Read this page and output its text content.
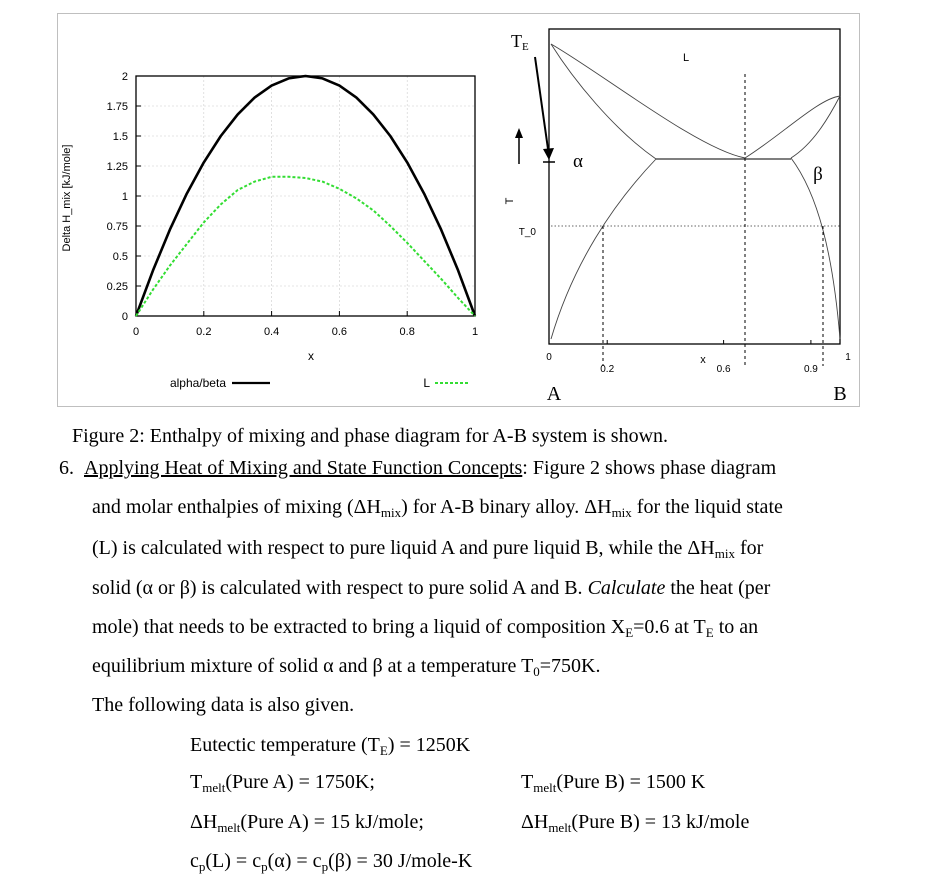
0
0.25
0.5
0.75
1
1.25
1.5
1.75
2
0	0.2	0.4	0.6	0.8	1
Delta H_mix [kJ/mole]
x
alpha/beta	L
TE
T
T_0
L
α
β
0
0.2	0.6	0.9
1
x
A	B
Figure 2: Enthalpy of mixing and phase diagram for A-B system is shown.
6. Applying Heat of Mixing and State Function Concepts: Figure 2 shows phase diagram
and molar enthalpies of mixing $(\Delta H_{mix})$ for A-B binary alloy. $\Delta H_{mix}$ for the liquid state
(L) is calculated with respect to pure liquid A and pure liquid B, while the $\Delta H_{mix}$ for
solid (α or β) is calculated with respect to pure solid A and B. Calculate the heat (per
mole) that needs to be extracted to bring a liquid of composition $X_E=0.6$ at $T_E$ to an
equilibrium mixture of solid α and β at a temperature $T_0=750K$.
The following data is also given.
Eutectic temperature $(T_E) = 1250K$
$T_{melt}(Pure$ A) = 1750K;	$T_{melt}(Pure$ B) = 1500 K
$\Delta H_{melt}(Pure$ A) = 15 kJ/mole;	$\Delta H_{melt}(Pure$ B) = 13 kJ/mole
$c_p(L) = c_p(\alpha) = c_p(\beta) = 30$ J/mole-K
